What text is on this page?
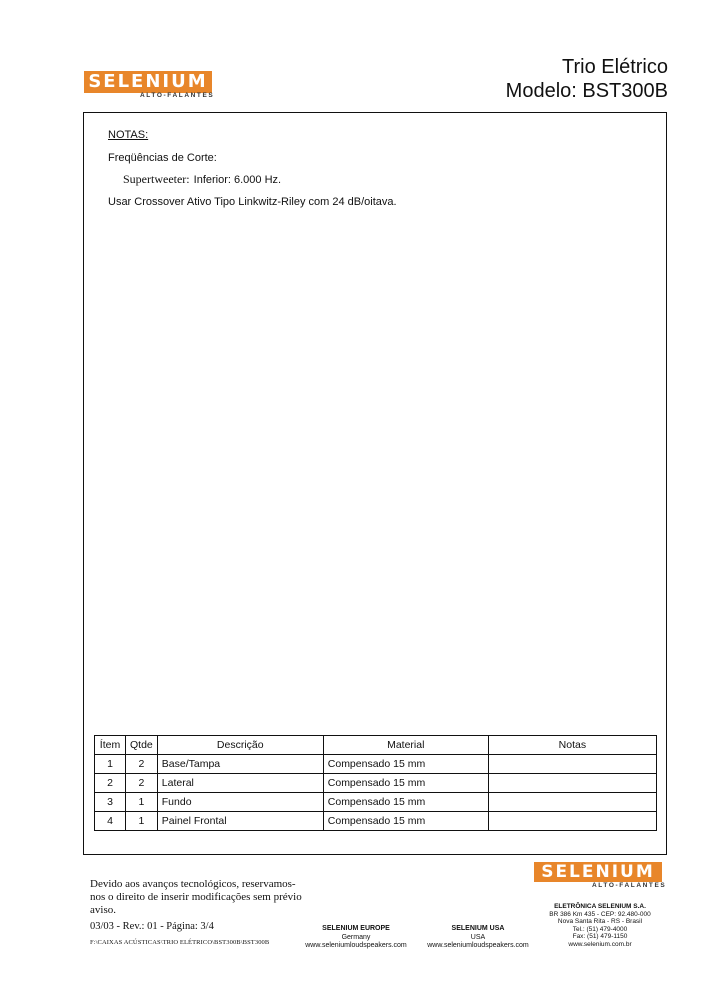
SELENIUM
ALTO-FALANTES
Trio Elétrico
Modelo: BST300B
NOTAS:
Freqüências de Corte:
Supertweeter: Inferior: 6.000 Hz.
Usar Crossover Ativo Tipo Linkwitz-Riley com 24 dB/oitava.
Ítem	Qtde	Descrição	Material	Notas
1	2	Base/Tampa	Compensado 15 mm	
2	2	Lateral	Compensado 15 mm	
3	1	Fundo	Compensado 15 mm	
4	1	Painel Frontal	Compensado 15 mm	
Devido aos avanços tecnológicos, reservamos-nos o direito de inserir modificações sem prévio aviso.
03/03 - Rev.: 01 - Página: 3/4
F:\CAIXAS ACÚSTICAS\TRIO ELÉTRICO\BST300B\BST300B
SELENIUM EUROPE
Germany
www.seleniumloudspeakers.com
SELENIUM USA
USA
www.seleniumloudspeakers.com
SELENIUM
ALTO-FALANTES
ELETRÔNICA SELENIUM S.A.
BR 386 Km 435 - CEP: 92.480-000
Nova Santa Rita - RS - Brasil
Tel.: (51) 479-4000
Fax: (51) 479-1150
www.selenium.com.br
